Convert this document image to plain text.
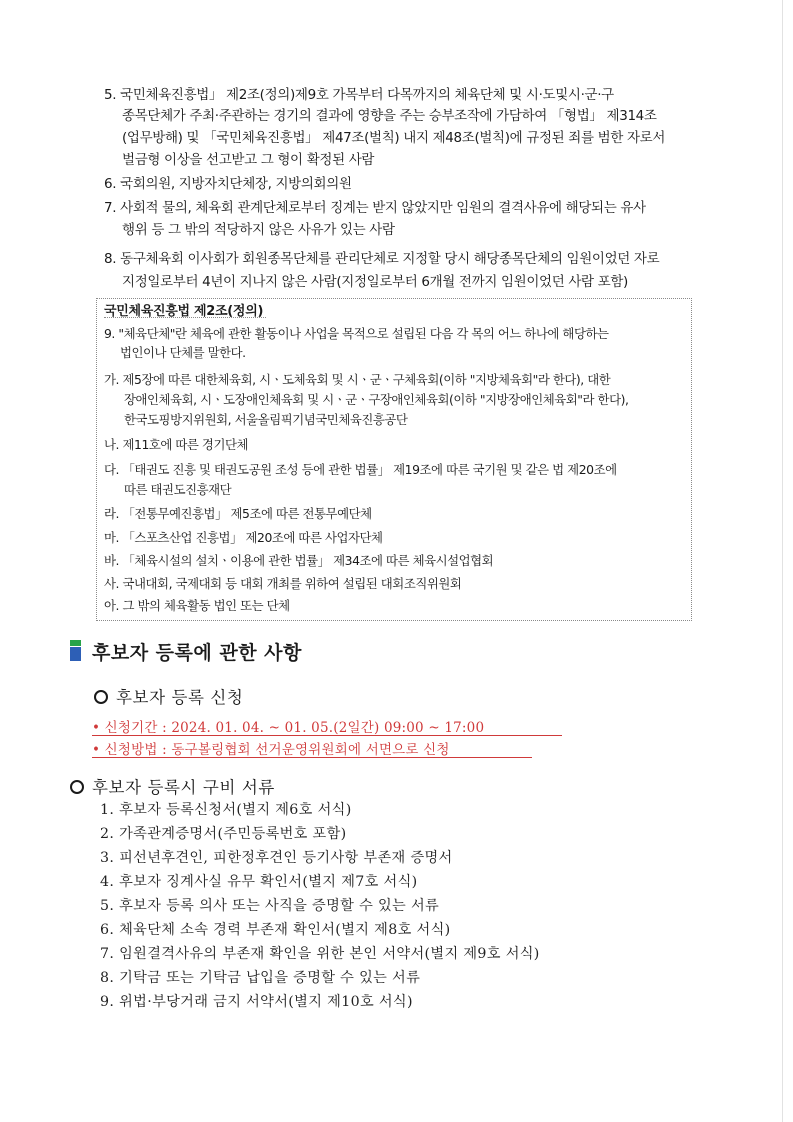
5. 국민체육진흥법」 제2조(정의)제9호 가목부터 다목까지의 체육단체 및 시·도및시·군·구
종목단체가 주최·주관하는 경기의 결과에 영향을 주는 승부조작에 가담하여 「형법」 제314조
(업무방해) 및 「국민체육진흥법」 제47조(벌칙) 내지 제48조(벌칙)에 규정된 죄를 범한 자로서
벌금형 이상을 선고받고 그 형이 확정된 사람
6. 국회의원, 지방자치단체장, 지방의회의원
7. 사회적 물의, 체육회 관계단체로부터 징계는 받지 않았지만 임원의 결격사유에 해당되는 유사
행위 등 그 밖의 적당하지 않은 사유가 있는 사람
8. 동구체육회 이사회가 회원종목단체를 관리단체로 지정할 당시 해당종목단체의 임원이었던 자로
지정일로부터 4년이 지나지 않은 사람(지정일로부터 6개월 전까지 임원이었던 사람 포함)
국민체육진흥법 제2조(정의)
9. "체육단체"란 체육에 관한 활동이나 사업을 목적으로 설립된 다음 각 목의 어느 하나에 해당하는
법인이나 단체를 말한다.
가. 제5장에 따른 대한체육회, 시ㆍ도체육회 및 시ㆍ군ㆍ구체육회(이하 "지방체육회"라 한다), 대한
장애인체육회, 시ㆍ도장애인체육회 및 시ㆍ군ㆍ구장애인체육회(이하 "지방장애인체육회"라 한다),
한국도핑방지위원회, 서울올림픽기념국민체육진흥공단
나. 제11호에 따른 경기단체
다. 「태권도 진흥 및 태권도공원 조성 등에 관한 법률」 제19조에 따른 국기원 및 같은 법 제20조에
따른 태권도진흥재단
라. 「전통무예진흥법」 제5조에 따른 전통무예단체
마. 「스포츠산업 진흥법」 제20조에 따른 사업자단체
바. 「체육시설의 설치ㆍ이용에 관한 법률」 제34조에 따른 체육시설업협회
사. 국내대회, 국제대회 등 대회 개최를 위하여 설립된 대회조직위원회
아. 그 밖의 체육활동 법인 또는 단체
후보자 등록에 관한 사항
후보자 등록 신청
• 신청기간 : 2024. 01. 04. ~ 01. 05.(2일간) 09:00 ~ 17:00
• 신청방법 : 동구볼링협회 선거운영위원회에 서면으로 신청
후보자 등록시 구비 서류
1. 후보자 등록신청서(별지 제6호 서식)
2. 가족관계증명서(주민등록번호 포함)
3. 피선년후견인, 피한정후견인 등기사항 부존재 증명서
4. 후보자 징계사실 유무 확인서(별지 제7호 서식)
5. 후보자 등록 의사 또는 사직을 증명할 수 있는 서류
6. 체육단체 소속 경력 부존재 확인서(별지 제8호 서식)
7. 임원결격사유의 부존재 확인을 위한 본인 서약서(별지 제9호 서식)
8. 기탁금 또는 기탁금 납입을 증명할 수 있는 서류
9. 위법·부당거래 금지 서약서(별지 제10호 서식)
